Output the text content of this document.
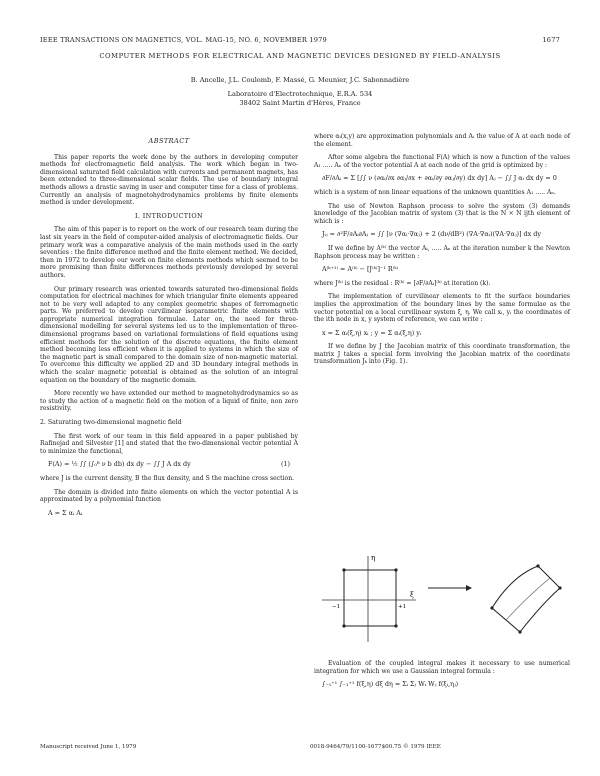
IEEE TRANSACTIONS ON MAGNETICS, VOL. MAG-15, NO. 6, NOVEMBER 1979	1677
COMPUTER METHODS FOR ELECTRICAL AND MAGNETIC DEVICES DESIGNED BY FIELD-ANALYSIS
B. Ancelle, J.L. Coulomb, F. Massé, G. Meunier, J.C. Sabonnadière
Laboratoire d'Electrotechnique, E.R.A. 534
38402 Saint Martin d'Hères, France
ABSTRACT

This paper reports the work done by the authors in developing computer methods for electromagnetic field analysis. The work which began in two-dimensional saturated field calculation with currents and permanent magnets, has been extended to three-dimensional scalar fields. The use of boundary integral methods allows a drastic saving in user and computer time for a class of problems. Currently an analysis of magnetohydrodynamics problems by finite elements method is under development.

I. INTRODUCTION

The aim of this paper is to report on the work of our research team during the last six years in the field of computer-aided analysis of electromagnetic fields. Our primary work was a comparative analysis of the main methods used in the early seventies : the finite difference method and the finite element method. We decided, then in 1972 to develop our work on finite elements methods which seemed to be more promising than finite differences methods previously developed by several authors.

Our primary research was oriented towards saturated two-dimensional fields computation for electrical machines for which triangular finite elements appeared not to be very well adapted to any complex geometric shapes of ferromagnetic parts. We preferred to develop curvilinear isoparametric finite elements with appropriate numerical integration formulae. Later on, the need for three-dimensional modelling for several systems led us to the implementation of three-dimensional programs based on variational formulations of field equations using efficient methods for the solution of the discrete equations, the finite element method becoming less efficient when it is applied to systems in which the size of the magnetic part is small compared to the domain size of non-magnetic material. To overcome this difficulty we applied 2D and 3D boundary integral methods in which the scalar magnetic potential is obtained as the solution of an integral equation on the boundary of the magnetic domain.

More recently we have extended our method to magnetohydrodynamics so as to study the action of a magnetic field on the motion of a liquid of finite, non zero resistivity.

2. Saturating two-dimensional magnetic field

The first work of our team in this field appeared in a paper published by Rafinejad and Silvester [1] and stated that the two-dimensional vector potential A to minimize the functional,

F(A) = ½ ∫∫ (∫₀ᴮ ν b db) dx dy − ∫∫ J A dx dy	(1)

where J is the current density, B the flux density, and S the machine cross section.

The domain is divided into finite elements on which the vector potential A is approximated by a polynomial function

A = Σ αᵢ Aᵢ

where αᵢ(x,y) are approximation polynomials and Aᵢ the value of A at each node of the element.

After some algebra the functional F(A) which is now a function of the values A₁ ..... Aₙ of the vector potential A at each node of the grid is optimized by :

∂F/∂Aᵢ = Σ [∫∫ ν (∂αᵢ/∂x ∂αⱼ/∂x + ∂αᵢ/∂y ∂αⱼ/∂y) dx dy] Aⱼ − ∫∫ J αᵢ dx dy = 0

which is a system of non linear equations of the unknown quantities A₁ ..... Aₙ.

The use of Newton Raphson process to solve the system (3) demands knowledge of the Jacobian matrix of system (3) that is the N × N ijth element of which is :

Jᵢⱼ = ∂²F/∂Aᵢ∂Aⱼ = ∫∫ [ν (∇αᵢ·∇αⱼ) + 2 (dν/dB²) (∇A·∇αᵢ)(∇A·∇αⱼ)] dx dy

If we define by A⁽ᵏ⁾ the vector Aᵢ, ..... Aₙ at the iteration number k the Newton Raphson process may be written :

A⁽ᵏ⁺¹⁾ = A⁽ᵏ⁾ − [J⁽ᵏ⁾]⁻¹ R⁽ᵏ⁾

where J⁽ᵏ⁾ is the residual : R⁽ᵏ⁾ = [∂F/∂Aᵢ]⁽ᵏ⁾ at iteration (k).

The implementation of curvilinear elements to fit the surface boundaries implies the approximation of the boundary lines by the same formulae as the vector potential on a local curvilinear system ξ, η. We call xᵢ, yᵢ the coordinates of the ith node in x, y system of reference, we can write :

x = Σ αᵢ(ξ,η) xᵢ ; y = Σ αᵢ(ξ,η) yᵢ

If we define by J the Jacobian matrix of this coordinate transformation, the matrix J takes a special form involving the Jacobian matrix of the coordinate transformation Jₖ into (Fig. 1).

η
ξ
+1
−1

Evaluation of the coupled integral makes it necessary to use numerical integration for which we use a Gaussian integral formula :

∫₋₁⁺¹ ∫₋₁⁺¹ f(ξ,η) dξ dη = Σᵢ Σⱼ Wᵢ Wⱼ f(ξᵢ,ηⱼ)
Manuscript received June 1, 1979	0018-9464/79/1100-1677$00.75 © 1979 IEEE
